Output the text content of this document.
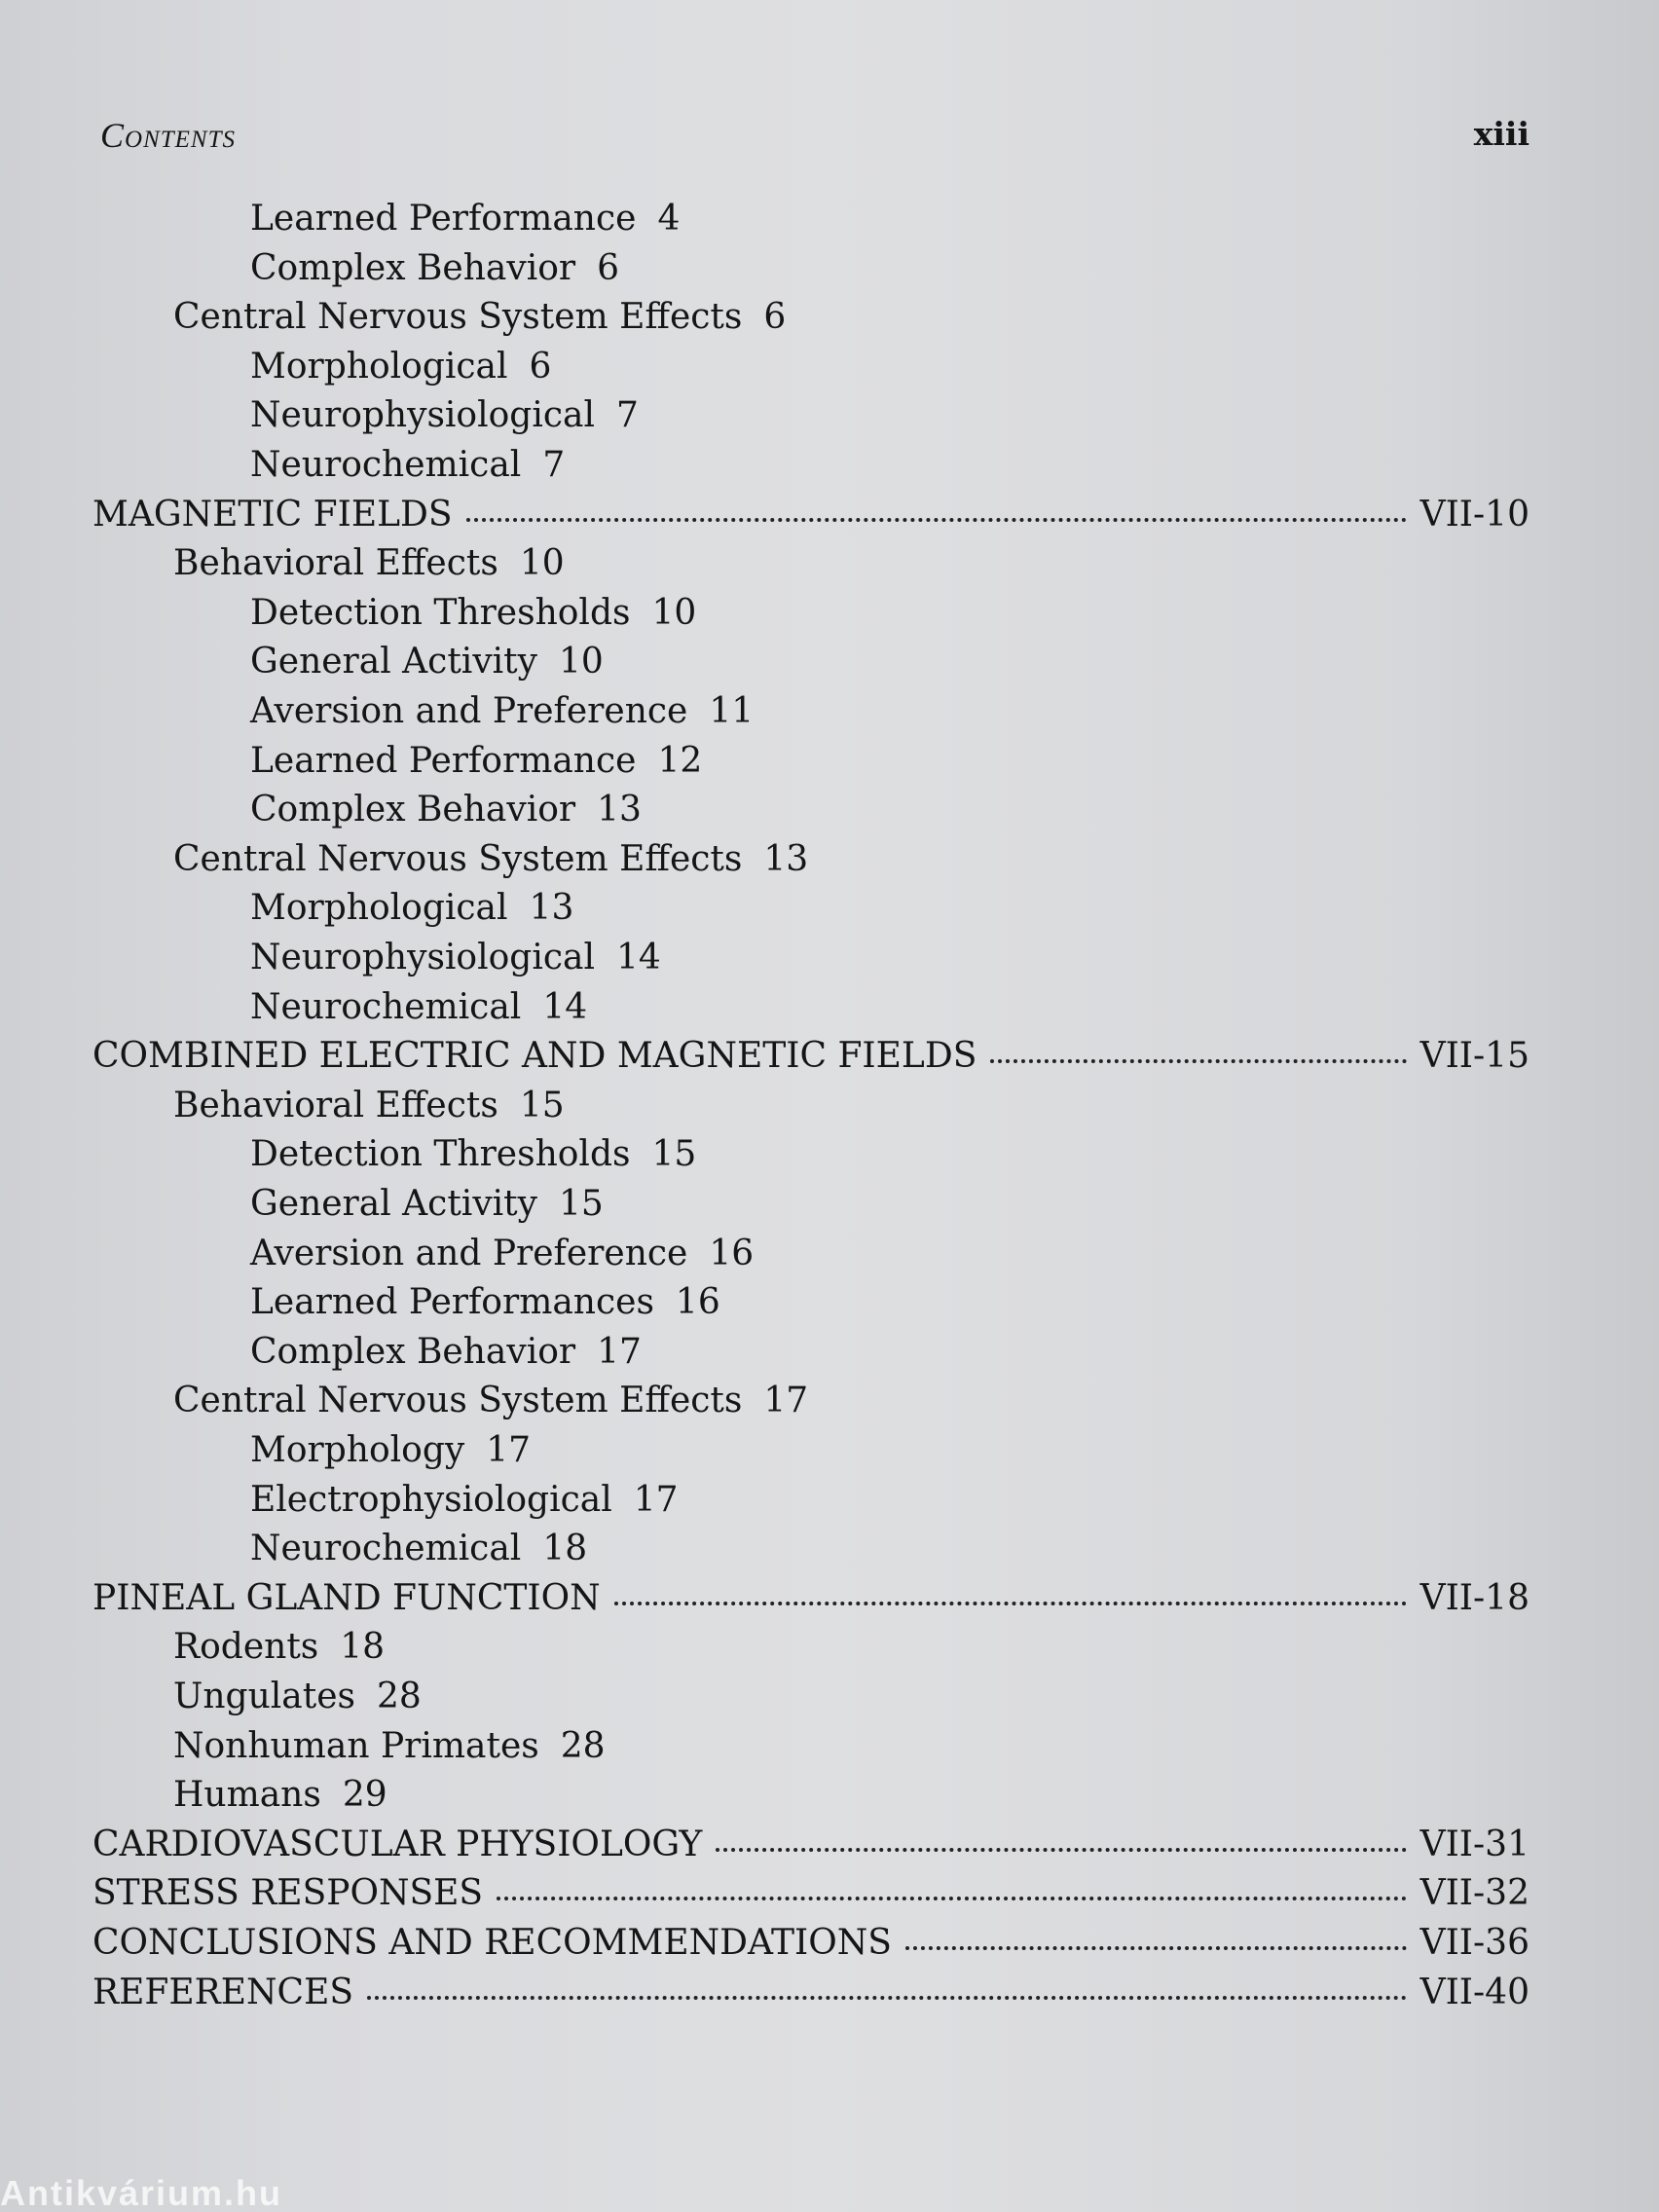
Contents	xiii
Learned Performance 4
Complex Behavior 6
Central Nervous System Effects 6
Morphological 6
Neurophysiological 7
Neurochemical 7
MAGNETIC FIELDS	VII-10
Behavioral Effects 10
Detection Thresholds 10
General Activity 10
Aversion and Preference 11
Learned Performance 12
Complex Behavior 13
Central Nervous System Effects 13
Morphological 13
Neurophysiological 14
Neurochemical 14
COMBINED ELECTRIC AND MAGNETIC FIELDS	VII-15
Behavioral Effects 15
Detection Thresholds 15
General Activity 15
Aversion and Preference 16
Learned Performances 16
Complex Behavior 17
Central Nervous System Effects 17
Morphology 17
Electrophysiological 17
Neurochemical 18
PINEAL GLAND FUNCTION	VII-18
Rodents 18
Ungulates 28
Nonhuman Primates 28
Humans 29
CARDIOVASCULAR PHYSIOLOGY	VII-31
STRESS RESPONSES	VII-32
CONCLUSIONS AND RECOMMENDATIONS	VII-36
REFERENCES	VII-40
Antikvárium.hu
